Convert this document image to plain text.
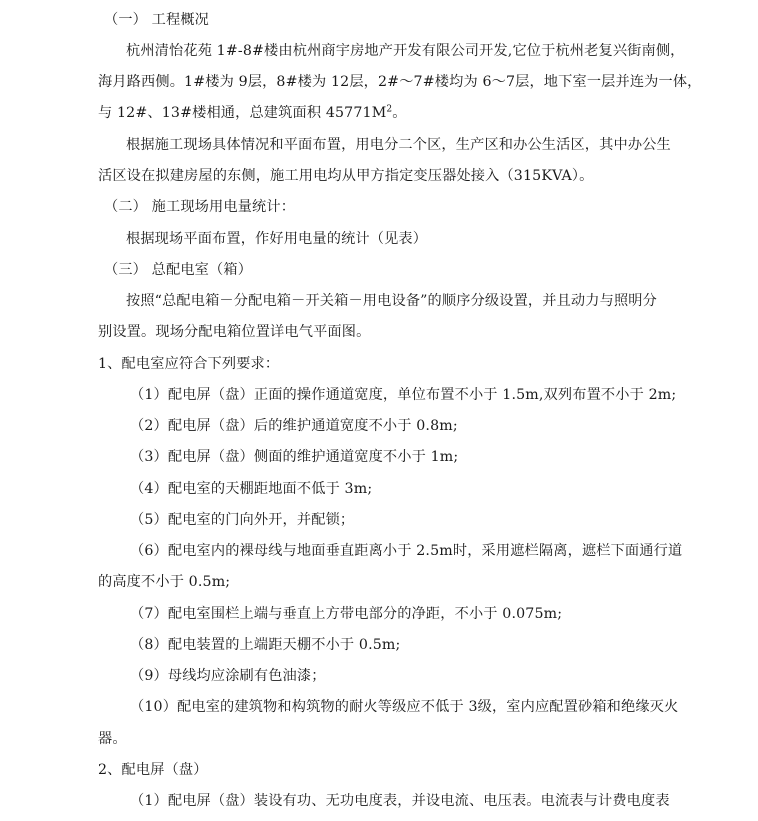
（一） 工程概况
杭州清怡花苑 1#-8#楼由杭州商宇房地产开发有限公司开发,它位于杭州老复兴街南侧，
海月路西侧。1#楼为 9层，8#楼为 12层，2#～7#楼均为 6～7层，地下室一层并连为一体，
与 12#、13#楼相通，总建筑面积 $45771M^2$。
根据施工现场具体情况和平面布置，用电分二个区，生产区和办公生活区，其中办公生
活区设在拟建房屋的东侧，施工用电均从甲方指定变压器处接入（315KVA）。
（二） 施工现场用电量统计：
根据现场平面布置，作好用电量的统计（见表）
（三） 总配电室（箱）
按照“总配电箱－分配电箱－开关箱－用电设备”的顺序分级设置，并且动力与照明分
别设置。现场分配电箱位置详电气平面图。
1、配电室应符合下列要求：
（1）配电屏（盘）正面的操作通道宽度，单位布置不小于 1.5m,双列布置不小于 2m;
（2）配电屏（盘）后的维护通道宽度不小于 0.8m;
（3）配电屏（盘）侧面的维护通道宽度不小于 1m;
（4）配电室的天棚距地面不低于 3m;
（5）配电室的门向外开，并配锁；
（6）配电室内的裸母线与地面垂直距离小于 2.5m时，采用遮栏隔离，遮栏下面通行道
的高度不小于 0.5m;
（7）配电室围栏上端与垂直上方带电部分的净距，不小于 0.075m;
（8）配电装置的上端距天棚不小于 0.5m;
（9）母线均应涂刷有色油漆；
（10）配电室的建筑物和构筑物的耐火等级应不低于 3级，室内应配置砂箱和绝缘灭火
器。
2、配电屏（盘）
（1）配电屏（盘）装设有功、无功电度表，并设电流、电压表。电流表与计费电度表
